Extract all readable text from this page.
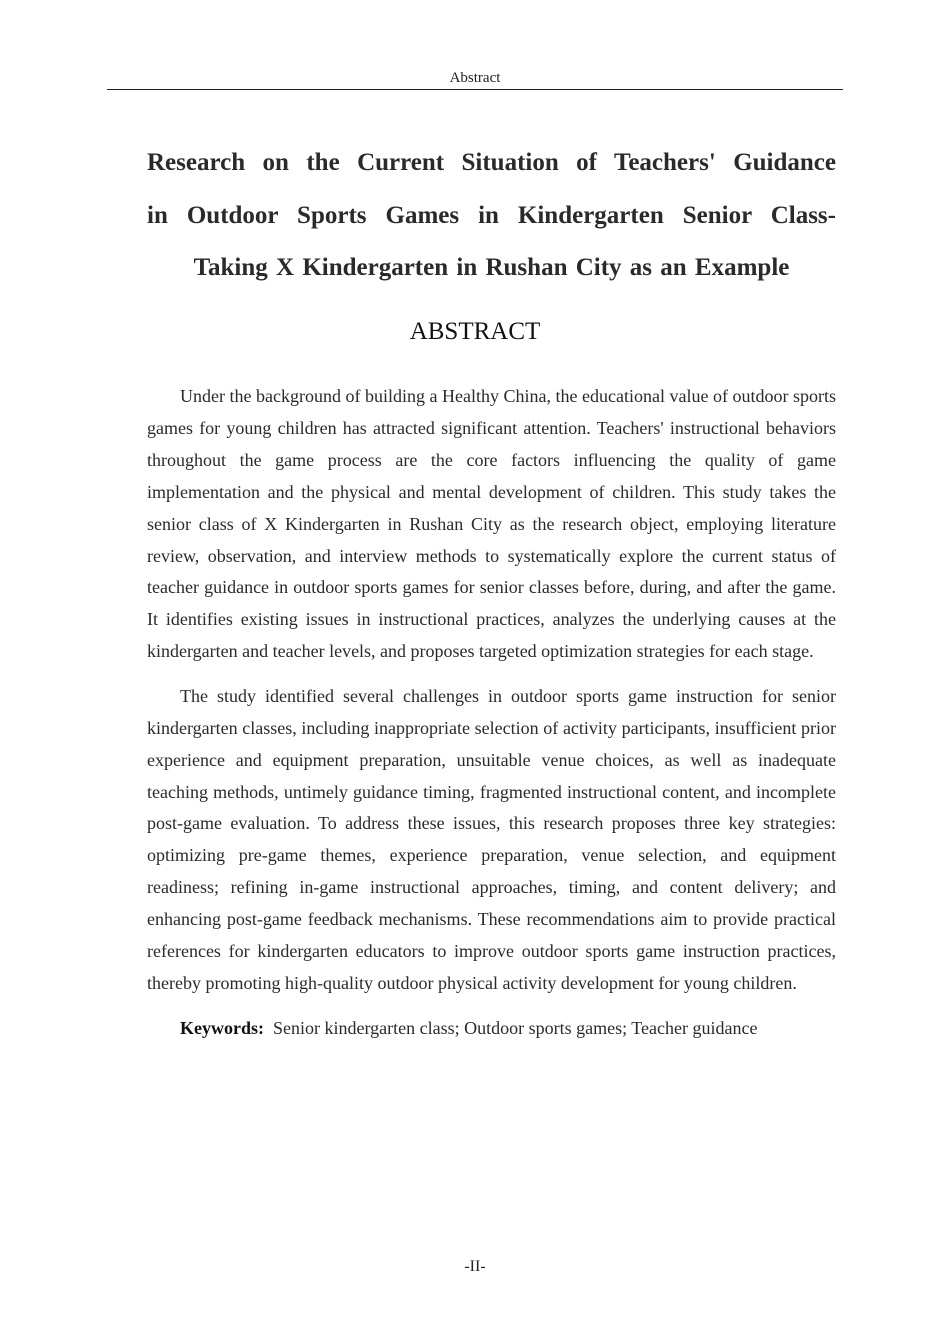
Abstract
Research on the Current Situation of Teachers' Guidance
in Outdoor Sports Games in Kindergarten Senior Class-
Taking X Kindergarten in Rushan City as an Example
ABSTRACT

Under the background of building a Healthy China, the educational value of outdoor sports games for young children has attracted significant attention. Teachers' instructional behaviors throughout the game process are the core factors influencing the quality of game implementation and the physical and mental development of children. This study takes the senior class of X Kindergarten in Rushan City as the research object, employing literature review, observation, and interview methods to systematically explore the current status of teacher guidance in outdoor sports games for senior classes before, during, and after the game. It identifies existing issues in instructional practices, analyzes the underlying causes at the kindergarten and teacher levels, and proposes targeted optimization strategies for each stage.

The study identified several challenges in outdoor sports game instruction for senior kindergarten classes, including inappropriate selection of activity participants, insufficient prior experience and equipment preparation, unsuitable venue choices, as well as inadequate teaching methods, untimely guidance timing, fragmented instructional content, and incomplete post-game evaluation. To address these issues, this research proposes three key strategies: optimizing pre-game themes, experience preparation, venue selection, and equipment readiness; refining in-game instructional approaches, timing, and content delivery; and enhancing post-game feedback mechanisms. These recommendations aim to provide practical references for kindergarten educators to improve outdoor sports game instruction practices, thereby promoting high-quality outdoor physical activity development for young children.

Keywords: Senior kindergarten class; Outdoor sports games; Teacher guidance
-II-
